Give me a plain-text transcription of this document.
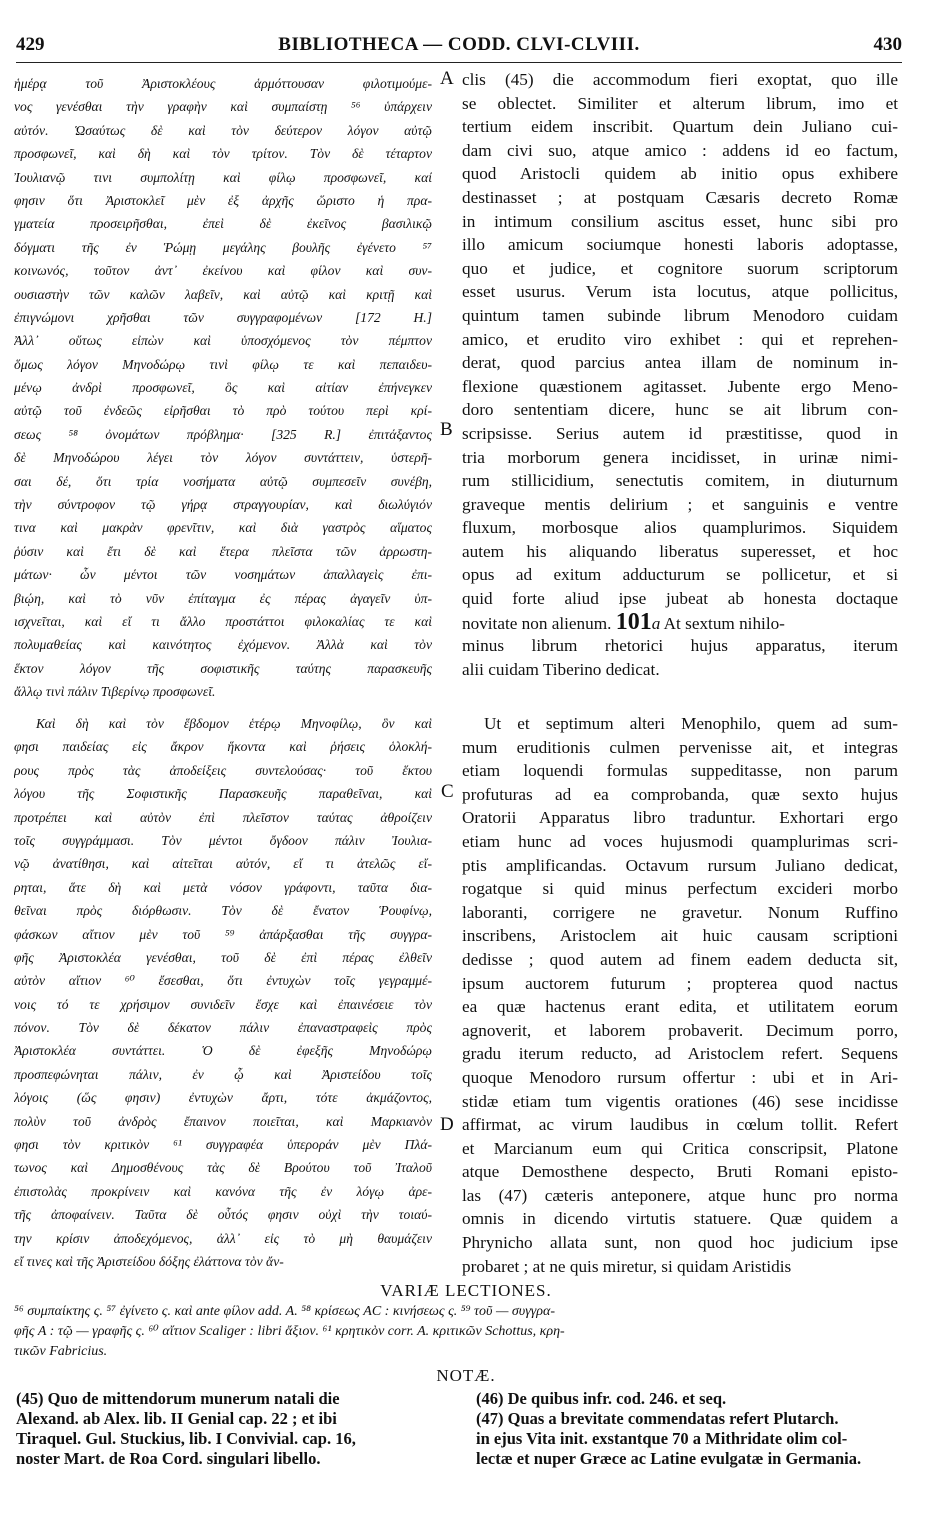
429	BIBLIOTHECA — CODD. CLVI-CLVIII.	430
ἡμέρᾳ τοῦ Ἀριστοκλέους ἁρμόττουσαν φιλοτιμούμε-
νος γενέσθαι τὴν γραφὴν καὶ συμπαίστῃ ⁵⁶ ὑπάρχειν
αὐτόν. Ὡσαύτως δὲ καὶ τὸν δεύτερον λόγον αὐτῷ
προσφωνεῖ, καὶ δὴ καὶ τὸν τρίτον. Τὸν δὲ τέταρτον
Ἰουλιανῷ τινι συμπολίτῃ καὶ φίλῳ προσφωνεῖ, καί
φησιν ὅτι Ἀριστοκλεῖ μὲν ἐξ ἀρχῆς ὥριστο ἡ πρα-
γματεία προσειρῆσθαι, ἐπεὶ δὲ ἐκεῖνος βασιλικῷ
δόγματι τῆς ἐν Ῥώμῃ μεγάλης βουλῆς ἐγένετο ⁵⁷
κοινωνός, τοῦτον ἀντ᾽ ἐκείνου καὶ φίλον καὶ συν-
ουσιαστὴν τῶν καλῶν λαβεῖν, καὶ αὐτῷ καὶ κριτῇ καὶ
ἐπιγνώμονι χρῆσθαι τῶν συγγραφομένων [172 H.]
Ἀλλ᾽ οὕτως εἰπὼν καὶ ὑποσχόμενος τὸν πέμπτον
ὅμως λόγον Μηνοδώρῳ τινὶ φίλῳ τε καὶ πεπαιδευ-
μένῳ ἀνδρὶ προσφωνεῖ, ὃς καὶ αἰτίαν ἐπήνεγκεν
αὐτῷ τοῦ ἐνδεῶς εἰρῆσθαι τὸ πρὸ τούτου περὶ κρί-
σεως ⁵⁸ ὀνομάτων πρόβλημα· [325 R.] ἐπιτάξαντος
δὲ Μηνοδώρου λέγει τὸν λόγον συντάττειν, ὑστερῆ-
σαι δέ, ὅτι τρία νοσήματα αὐτῷ συμπεσεῖν συνέβη,
τὴν σύντροφον τῷ γήρᾳ στραγγουρίαν, καὶ διωλύγιόν
τινα καὶ μακρὰν φρενῖτιν, καὶ διὰ γαστρὸς αἵματος
ῥύσιν καὶ ἔτι δὲ καὶ ἕτερα πλεῖστα τῶν ἀρρωστη-
μάτων· ὧν μέντοι τῶν νοσημάτων ἀπαλλαγεὶς ἐπι-
βιῴη, καὶ τὸ νῦν ἐπίταγμα ἐς πέρας ἀγαγεῖν ὑπ-
ισχνεῖται, καὶ εἴ τι ἄλλο προστάττοι φιλοκαλίας τε καὶ
πολυμαθείας καὶ καινότητος ἐχόμενον. Ἀλλὰ καὶ τὸν
ἕκτον λόγον τῆς σοφιστικῆς ταύτης παρασκευῆς
ἄλλῳ τινὶ πάλιν Τιβερίνῳ προσφωνεῖ.
Καὶ δὴ καὶ τὸν ἕβδομον ἑτέρῳ Μηνοφίλῳ, ὃν καὶ
φησι παιδείας εἰς ἄκρον ἥκοντα καὶ ῥήσεις ὁλοκλή-
ρους πρὸς τὰς ἀποδείξεις συντελούσας· τοῦ ἕκτου
λόγου τῆς Σοφιστικῆς Παρασκευῆς παραθεῖναι, καὶ
προτρέπει καὶ αὐτὸν ἐπὶ πλεῖστον ταύτας ἀθροίζειν
τοῖς συγγράμμασι. Τὸν μέντοι ὄγδοον πάλιν Ἰουλια-
νῷ ἀνατίθησι, καὶ αἰτεῖται αὐτόν, εἴ τι ἀτελῶς εἴ-
ρηται, ἅτε δὴ καὶ μετὰ νόσον γράφοντι, ταῦτα δια-
θεῖναι πρὸς διόρθωσιν. Τὸν δὲ ἔνατον Ῥουφίνῳ,
φάσκων αἴτιον μὲν τοῦ ⁵⁹ ἀπάρξασθαι τῆς συγγρα-
φῆς Ἀριστοκλέα γενέσθαι, τοῦ δὲ ἐπὶ πέρας ἐλθεῖν
αὐτὸν αἴτιον ⁶⁰ ἔσεσθαι, ὅτι ἐντυχὼν τοῖς γεγραμμέ-
νοις τό τε χρήσιμον συνιδεῖν ἔσχε καὶ ἐπαινέσειε τὸν
πόνον. Τὸν δὲ δέκατον πάλιν ἐπαναστραφεὶς πρὸς
Ἀριστοκλέα συντάττει. Ὁ δὲ ἐφεξῆς Μηνοδώρῳ
προσπεφώνηται πάλιν, ἐν ᾧ καὶ Ἀριστείδου τοῖς
λόγοις (ὥς φησιν) ἐντυχὼν ἄρτι, τότε ἀκμάζοντος,
πολὺν τοῦ ἀνδρὸς ἔπαινον ποιεῖται, καὶ Μαρκιανὸν
φησι τὸν κριτικὸν ⁶¹ συγγραφέα ὑπεροράν μὲν Πλά-
τωνος καὶ Δημοσθένους τὰς δὲ Βρούτου τοῦ Ἰταλοῦ
ἐπιστολὰς προκρίνειν καὶ κανόνα τῆς ἐν λόγῳ ἀρε-
τῆς ἀποφαίνειν. Ταῦτα δὲ οὗτός φησιν οὐχὶ τὴν τοιαύ-
την κρίσιν ἀποδεχόμενος, ἀλλ᾽ εἰς τὸ μὴ θαυμάζειν
εἴ τινες καὶ τῆς Ἀριστείδου δόξης ἐλάττονα τὸν ἄν-
clis (45) die accommodum fieri exoptat, quo ille
se oblectet. Similiter et alterum librum, imo et
tertium eidem inscribit. Quartum dein Juliano cui-
dam civi suo, atque amico : addens id eo factum,
quod Aristocli quidem ab initio opus exhibere
destinasset ; at postquam Cæsaris decreto Romæ
in intimum consilium ascitus esset, hunc sibi pro
illo amicum sociumque honesti laboris adoptasse,
quo et judice, et cognitore suorum scriptorum
esset usurus. Verum ista locutus, atque pollicitus,
quintum tamen subinde librum Menodoro cuidam
amico, et erudito viro exhibet : qui et reprehen-
derat, quod parcius antea illam de nominum in-
flexione quæstionem agitasset. Jubente ergo Meno-
doro sententiam dicere, hunc se ait librum con-
scripsisse. Serius autem id præstitisse, quod in
tria morborum genera incidisset, in urinæ nimi-
rum stillicidium, senectutis comitem, in diuturnum
graveque mentis delirium ; et sanguinis e ventre
fluxum, morbosque alios quamplurimos. Siquidem
autem his aliquando liberatus superesset, et hoc
opus ad exitum adducturum se pollicetur, et si
quid forte aliud ipse jubeat ab honesta doctaque
novitate non alienum. 101a At sextum nihilo-
minus librum rhetorici hujus apparatus, iterum
alii cuidam Tiberino dedicat.
Ut et septimum alteri Menophilo, quem ad sum-
mum eruditionis culmen pervenisse ait, et integras
etiam loquendi formulas suppeditasse, non parum
profuturas ad ea comprobanda, quæ sexto hujus
Oratorii Apparatus libro traduntur. Exhortari ergo
etiam hunc ad voces hujusmodi quamplurimas scri-
ptis amplificandas. Octavum rursum Juliano dedicat,
rogatque si quid minus perfectum excideri morbo
laboranti, corrigere ne gravetur. Nonum Ruffino
inscribens, Aristoclem ait huic causam scriptioni
dedisse ; quod autem ad finem eadem deducta sit,
ipsum auctorem futurum ; propterea quod nactus
ea quæ hactenus erant edita, et utilitatem eorum
agnoverit, et laborem probaverit. Decimum porro,
gradu iterum reducto, ad Aristoclem refert. Sequens
quoque Menodoro rursum offertur : ubi et in Ari-
stidæ etiam tum vigentis orationes (46) sese incidisse
affirmat, ac virum laudibus in cœlum tollit. Refert
et Marcianum eum qui Critica conscripsit, Platone
atque Demosthene despecto, Bruti Romani episto-
las (47) cæteris anteponere, atque hunc pro norma
omnis in dicendo virtutis statuere. Quæ quidem a
Phrynicho allata sunt, non quod hoc judicium ipse
probaret ; at ne quis miretur, si quidam Aristidis
A
B
C
D
VARIÆ LECTIONES.
⁵⁶ συμπαίκτης ς. ⁵⁷ ἐγίνετο ς. καὶ ante φίλον add. A. ⁵⁸ κρίσεως AC : κινήσεως ς. ⁵⁹ τοῦ — συγγρα-
φῆς A : τῷ — γραφῆς ς. ⁶⁰ αἴτιον Scaliger : libri ἄξιον. ⁶¹ κρητικὸν corr. A. κριτικῶν Schottus, κρη-
τικῶν Fabricius.
NOTÆ.
(45) Quo de mittendorum munerum natali die
Alexand. ab Alex. lib. II Genial cap. 22 ; et ibi
Tiraquel. Gul. Stuckius, lib. I Convivial. cap. 16,
noster Mart. de Roa Cord. singulari libello.
(46) De quibus infr. cod. 246. et seq.
(47) Quas a brevitate commendatas refert Plutarch.
in ejus Vita init. exstantque 70 a Mithridate olim col-
lectæ et nuper Græce ac Latine evulgatæ in Germania.
